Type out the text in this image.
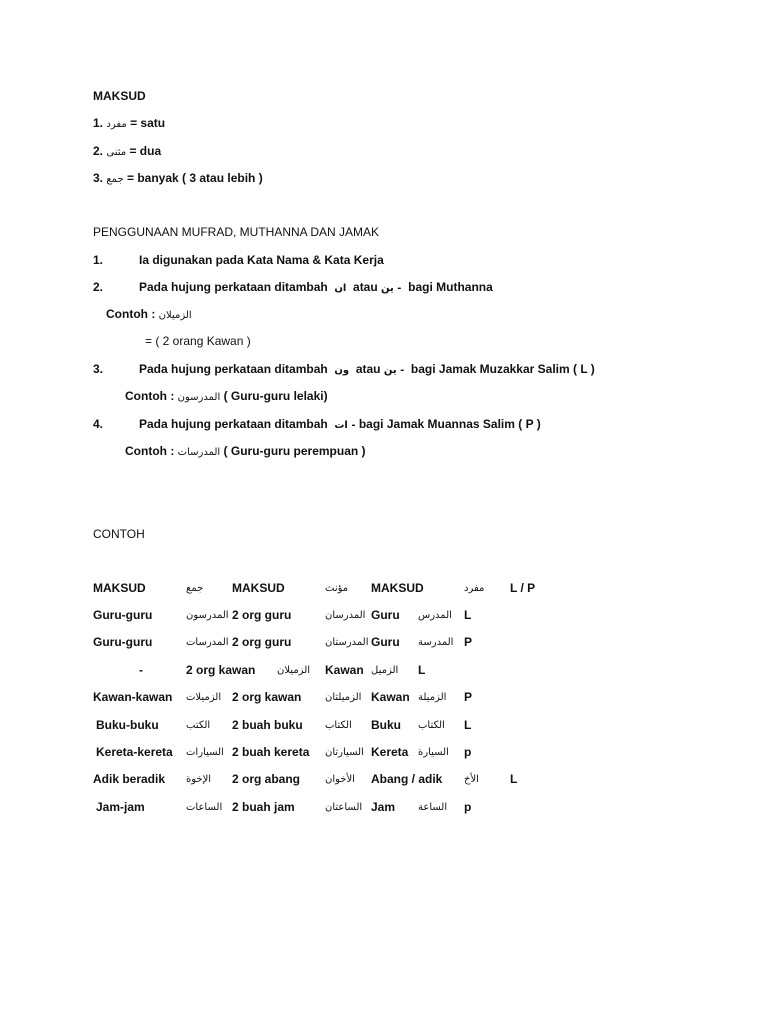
MAKSUD
1. مفرد = satu
2. مثنى = dua
3. جمع = banyak ( 3 atau lebih )
PENGGUNAAN MUFRAD, MUTHANNA DAN JAMAK
1.	Ia digunakan pada Kata Nama & Kata Kerja
2.	Pada hujung perkataan ditambah ان atau ين - bagi Muthanna
Contoh : الزميلان
= ( 2 orang Kawan )
3.	Pada hujung perkataan ditambah ون atau ين - bagi Jamak Muzakkar Salim ( L )
Contoh : المدرسون ( Guru-guru lelaki)
4.	Pada hujung perkataan ditambah ات - bagi Jamak Muannas Salim ( P )
Contoh : المدرسات ( Guru-guru perempuan )
CONTOH
MAKSUD	جمع MAKSUD	مؤنث MAKSUD	مفرد L / P
Guru-guru	المدرسون 2 org guru	المدرسان Guru المدرس L
Guru-guru	المدرسات 2 org guru	المدرستان Guru المدرسة P
-	2 org kawan الزميلان Kawan الزميل L
Kawan-kawan الزميلات 2 org kawan الزميلتان Kawan الزميلة P
Buku-buku	الكتب 2 buah buku الكتاب Buku الكتاب L
Kereta-kereta السيارات 2 buah kereta السيارتان Kereta السيارة p
Adik beradik الإخوة 2 org abang الأخوان Abang / adik الأخ	L
Jam-jam	الساعات 2 buah jam	الساعتان Jam الساعة p
